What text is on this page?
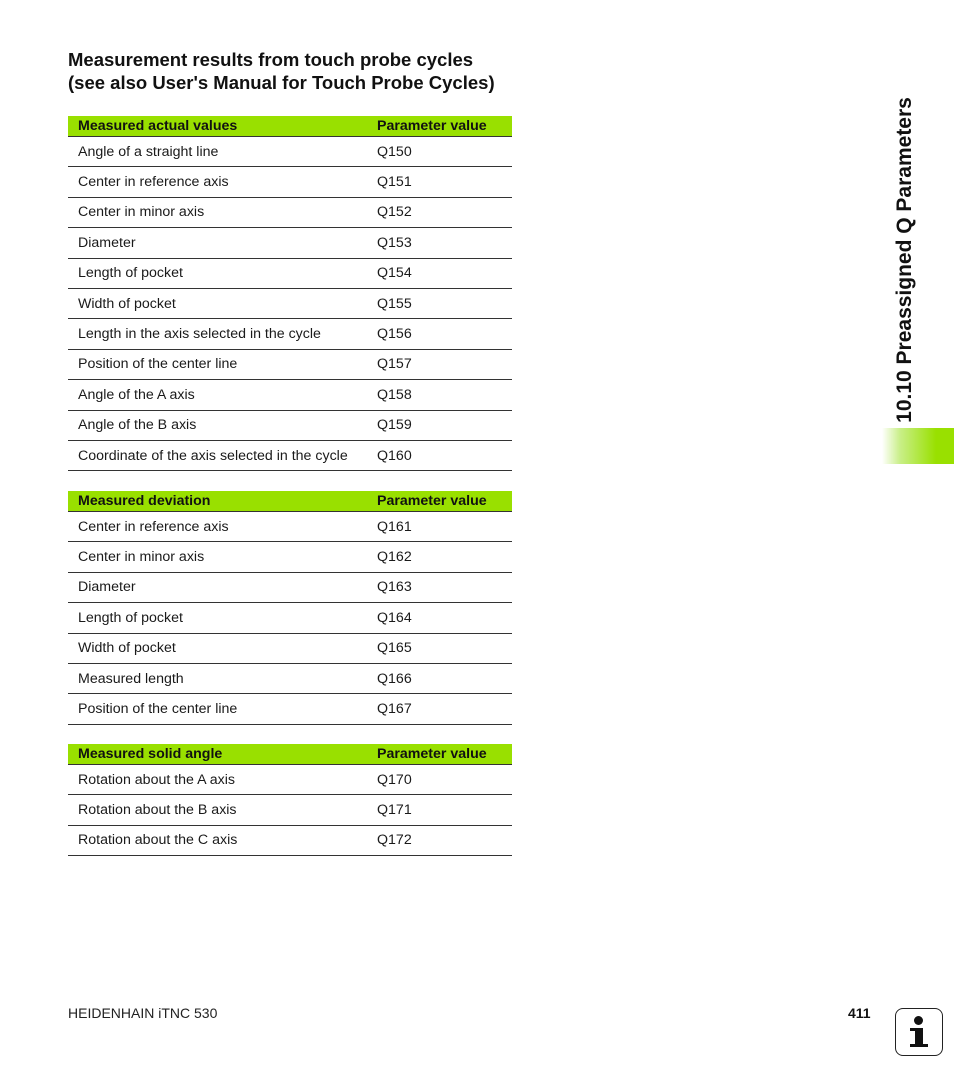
Measurement results from touch probe cycles
(see also User's Manual for Touch Probe Cycles)
Measured actual values	Parameter value
Angle of a straight line	Q150
Center in reference axis	Q151
Center in minor axis	Q152
Diameter	Q153
Length of pocket	Q154
Width of pocket	Q155
Length in the axis selected in the cycle	Q156
Position of the center line	Q157
Angle of the A axis	Q158
Angle of the B axis	Q159
Coordinate of the axis selected in the cycle	Q160
Measured deviation	Parameter value
Center in reference axis	Q161
Center in minor axis	Q162
Diameter	Q163
Length of pocket	Q164
Width of pocket	Q165
Measured length	Q166
Position of the center line	Q167
Measured solid angle	Parameter value
Rotation about the A axis	Q170
Rotation about the B axis	Q171
Rotation about the C axis	Q172
10.10 Preassigned Q Parameters
HEIDENHAIN iTNC 530	411
